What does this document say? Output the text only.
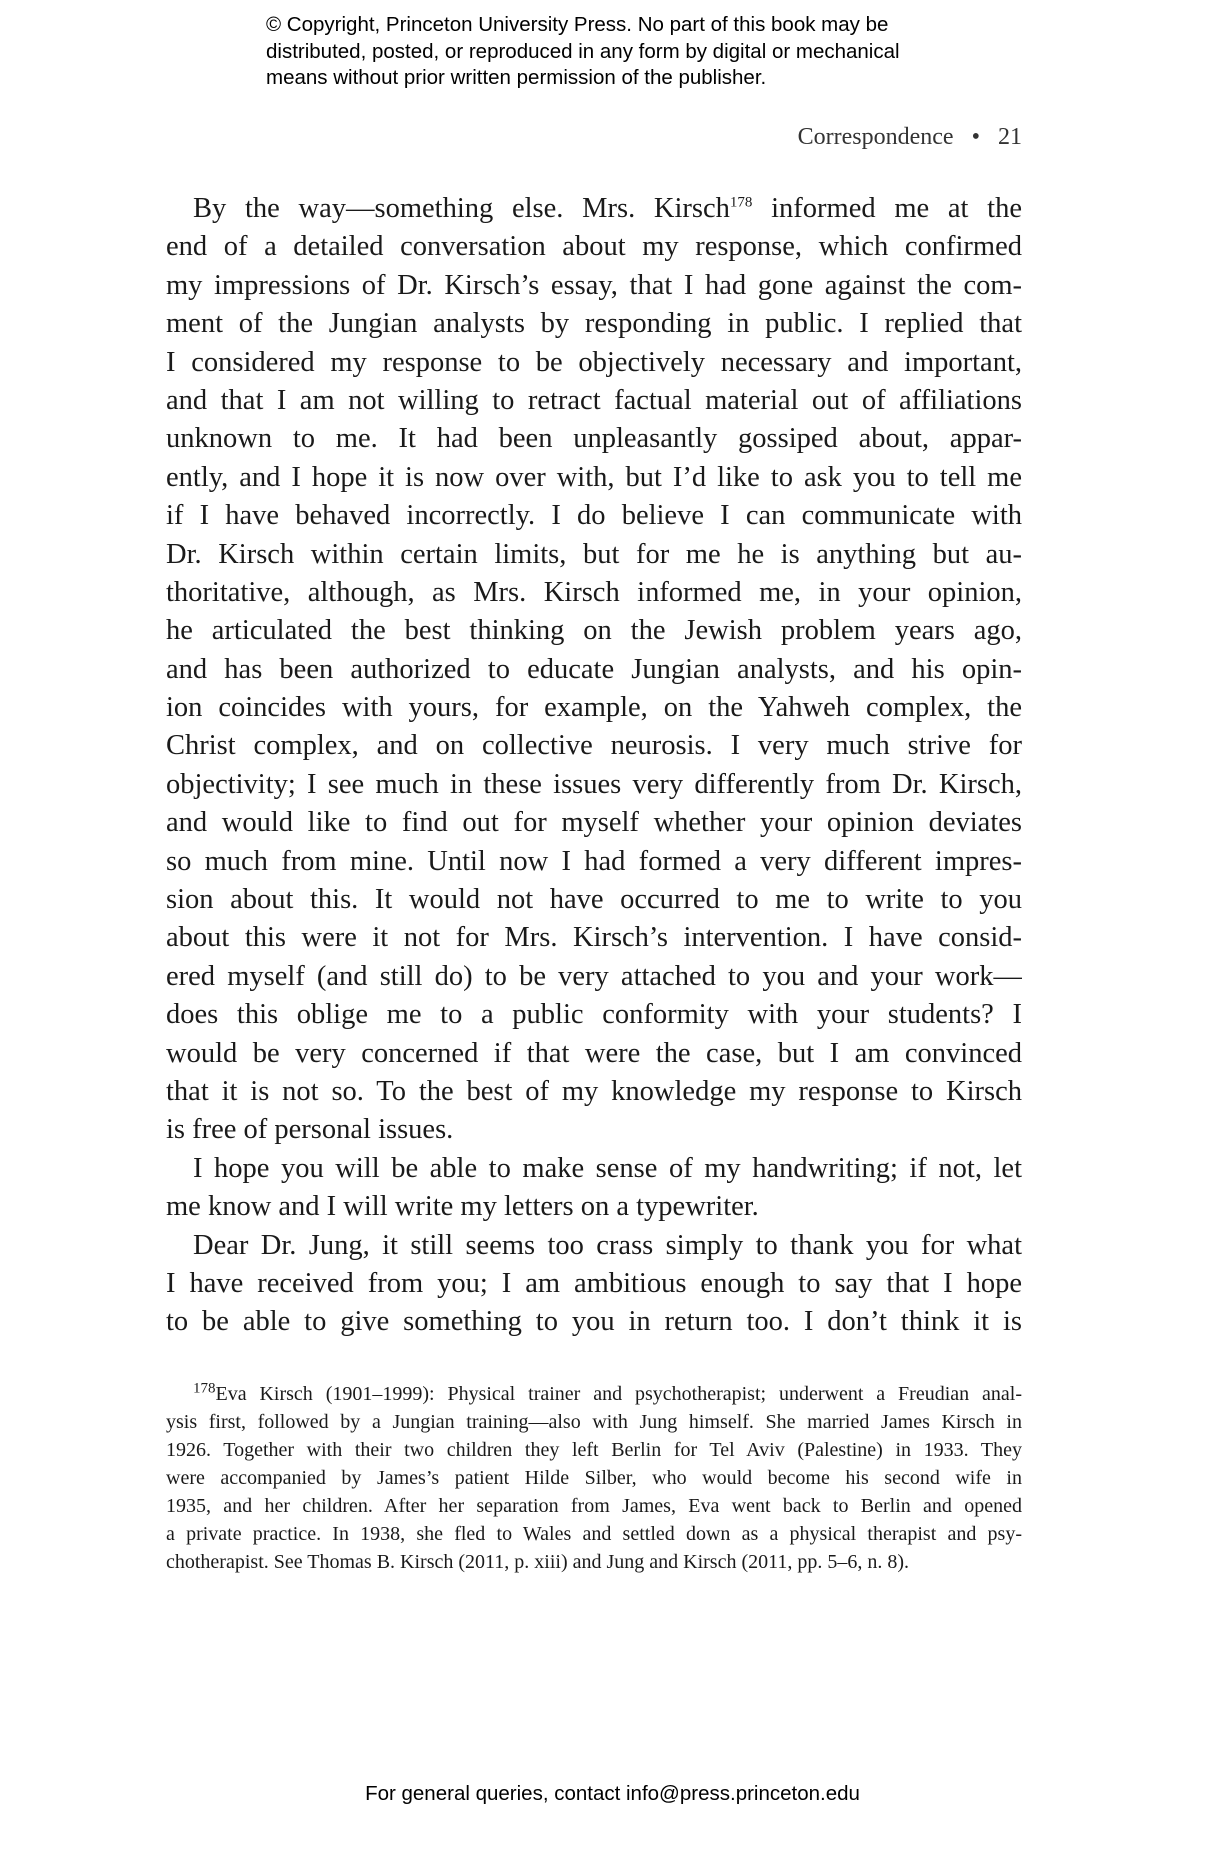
© Copyright, Princeton University Press. No part of this book may be
distributed, posted, or reproduced in any form by digital or mechanical
means without prior written permission of the publisher.
Correspondence • 21
By the way—something else. Mrs. Kirsch$^{178}$ informed me at the
end of a detailed conversation about my response, which confirmed
my impressions of Dr. Kirsch’s essay, that I had gone against the com-
ment of the Jungian analysts by responding in public. I replied that
I considered my response to be objectively necessary and important,
and that I am not willing to retract factual material out of affiliations
unknown to me. It had been unpleasantly gossiped about, appar-
ently, and I hope it is now over with, but I’d like to ask you to tell me
if I have behaved incorrectly. I do believe I can communicate with
Dr. Kirsch within certain limits, but for me he is anything but au-
thoritative, although, as Mrs. Kirsch informed me, in your opinion,
he articulated the best thinking on the Jewish problem years ago,
and has been authorized to educate Jungian analysts, and his opin-
ion coincides with yours, for example, on the Yahweh complex, the
Christ complex, and on collective neurosis. I very much strive for
objectivity; I see much in these issues very differently from Dr. Kirsch,
and would like to find out for myself whether your opinion deviates
so much from mine. Until now I had formed a very different impres-
sion about this. It would not have occurred to me to write to you
about this were it not for Mrs. Kirsch’s intervention. I have consid-
ered myself (and still do) to be very attached to you and your work—
does this oblige me to a public conformity with your students? I
would be very concerned if that were the case, but I am convinced
that it is not so. To the best of my knowledge my response to Kirsch
is free of personal issues.
I hope you will be able to make sense of my handwriting; if not, let
me know and I will write my letters on a typewriter.
Dear Dr. Jung, it still seems too crass simply to thank you for what
I have received from you; I am ambitious enough to say that I hope
to be able to give something to you in return too. I don’t think it is
$^{178}$Eva Kirsch (1901–1999): Physical trainer and psychotherapist; underwent a Freudian anal-
ysis first, followed by a Jungian training—also with Jung himself. She married James Kirsch in
1926. Together with their two children they left Berlin for Tel Aviv (Palestine) in 1933. They
were accompanied by James’s patient Hilde Silber, who would become his second wife in
1935, and her children. After her separation from James, Eva went back to Berlin and opened
a private practice. In 1938, she fled to Wales and settled down as a physical therapist and psy-
chotherapist. See Thomas B. Kirsch (2011, p. xiii) and Jung and Kirsch (2011, pp. 5–6, n. 8).
For general queries, contact info@press.princeton.edu
